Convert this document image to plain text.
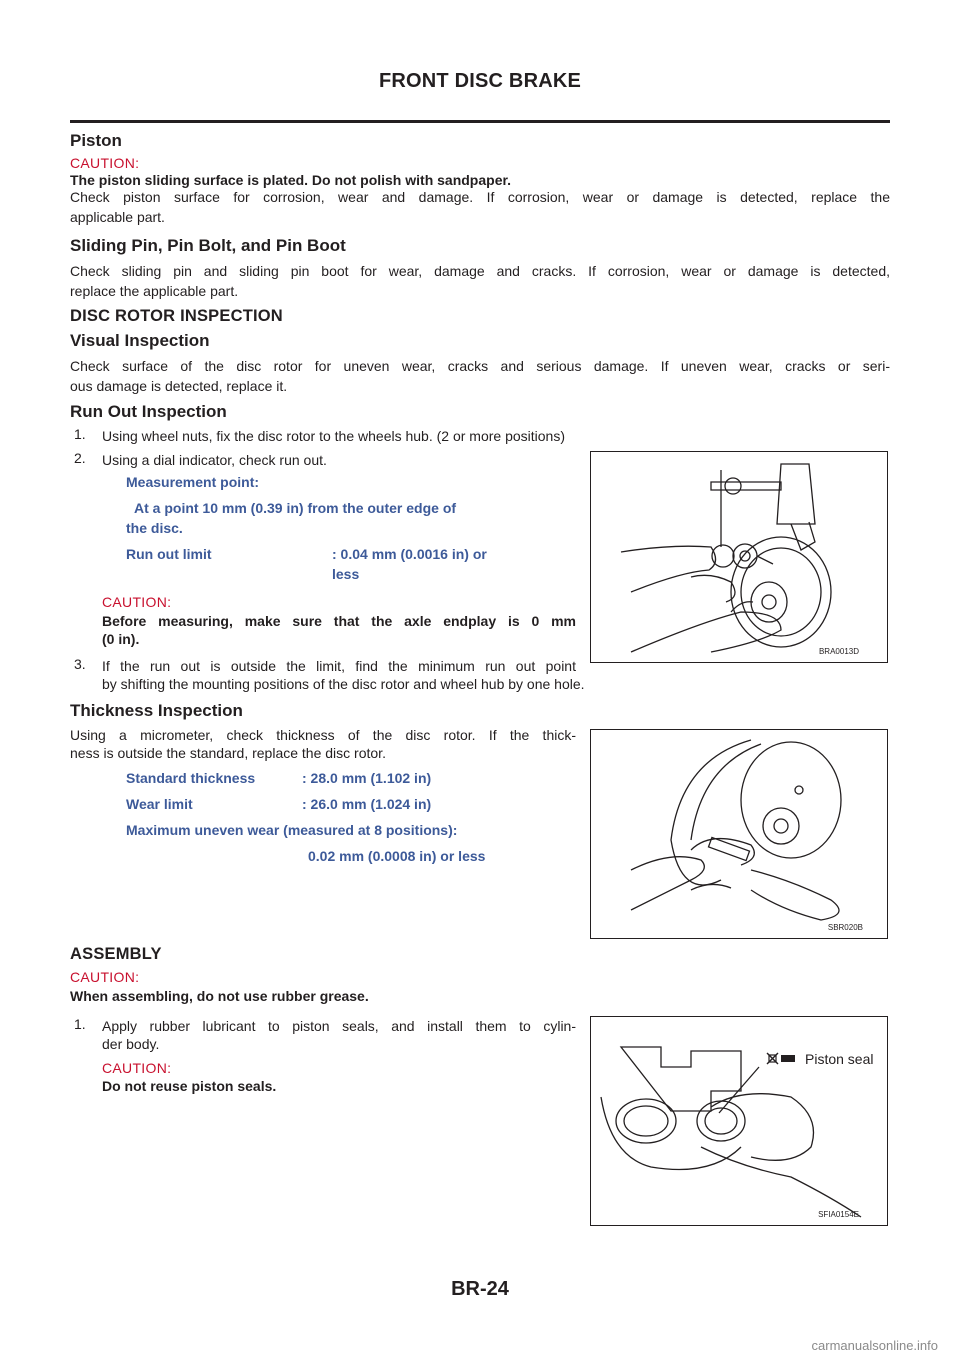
FRONT DISC BRAKE
Piston

CAUTION:

The piston sliding surface is plated. Do not polish with sandpaper.

Check piston surface for corrosion, wear and damage. If corrosion, wear or damage is detected, replace the

applicable part.

Sliding Pin, Pin Bolt, and Pin Boot

Check sliding pin and sliding pin boot for wear, damage and cracks. If corrosion, wear or damage is detected,

replace the applicable part.

DISC ROTOR INSPECTION
Visual Inspection

Check surface of the disc rotor for uneven wear, cracks and serious damage. If uneven wear, cracks or seri-

ous damage is detected, replace it.

Run Out Inspection
1. Using wheel nuts, fix the disc rotor to the wheels hub. (2 or more positions)

2. Using a dial indicator, check run out.

Measurement point:

At a point 10 mm (0.39 in) from the outer edge of

the disc.

Run out limit	: 0.04 mm (0.0016 in) or

less

CAUTION:

Before measuring, make sure that the axle endplay is 0 mm

(0 in).

3. If the run out is outside the limit, find the minimum run out point

by shifting the mounting positions of the disc rotor and wheel hub by one hole.

BRA0013D
Thickness Inspection

Using a micrometer, check thickness of the disc rotor. If the thick-

ness is outside the standard, replace the disc rotor.

Standard thickness	: 28.0 mm (1.102 in)

Wear limit	: 26.0 mm (1.024 in)

Maximum uneven wear (measured at 8 positions):

0.02 mm (0.0008 in) or less

SBR020B
ASSEMBLY

CAUTION:

When assembling, do not use rubber grease.

1. Apply rubber lubricant to piston seals, and install them to cylin-

der body.

CAUTION:

Do not reuse piston seals.

Piston seal
SFIA0154E
BR-24
carmanualsonline.info
